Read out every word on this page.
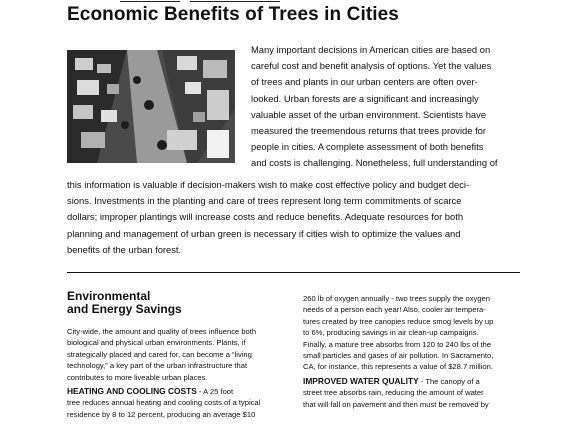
Economic Benefits of Trees in Cities
Many important decisions in American cities are based on
careful cost and benefit analysis of options. Yet the values
of trees and plants in our urban centers are often over-
looked. Urban forests are a significant and increasingly
valuable asset of the urban environment. Scientists have
measured the treemendous returns that trees provide for
people in cities. A complete assessment of both benefits
and costs is challenging. Nonetheless, full understanding of
this information is valuable if decision-makers wish to make cost effective policy and budget deci-
sions. Investments in the planting and care of trees represent long term commitments of scarce
dollars; improper plantings will increase costs and reduce benefits. Adequate resources for both
planning and management of urban green is necessary if cities wish to optimize the values and
benefits of the urban forest.
Environmental
and Energy Savings
City-wide, the amount and quality of trees influence both
biological and physical urban environments. Plants, if
strategically placed and cared for, can become a “living
technology,” a key part of the urban infrastructure that
contributes to more liveable urban places.
HEATING AND COOLING COSTS - A 25 foot
tree reduces annual heating and cooling costs of a typical
residence by 8 to 12 percent, producing an average $10
260 lb of oxygen annually - two trees supply the oxygen
needs of a person each year! Also, cooler air tempera-
tures created by tree canopies reduce smog levels by up
to 6%, producing savings in air clean-up campaigns.
Finally, a mature tree absorbs from 120 to 240 lbs of the
small particles and gases of air pollution. In Sacramento,
CA, for instance, this represents a value of $28.7 million.
IMPROVED WATER QUALITY - The canopy of a
street tree absorbs rain, reducing the amount of water
that will fall on pavement and then must be removed by
